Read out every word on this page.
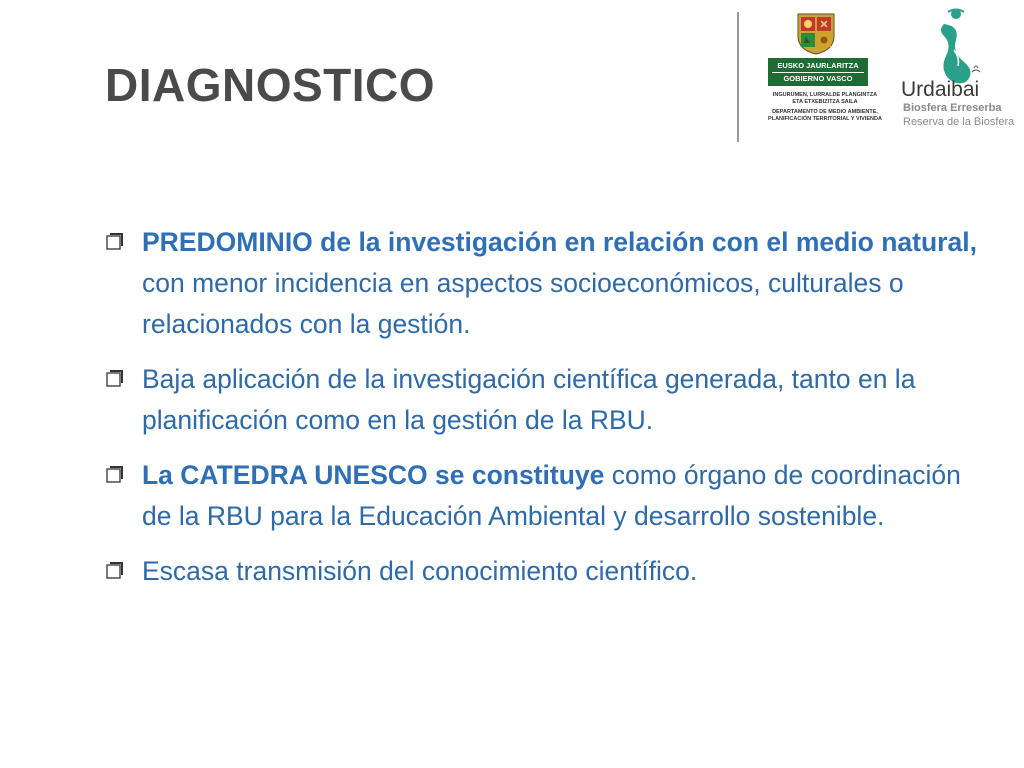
DIAGNOSTICO	EUSKO JAURLARITZA
GOBIERNO VASCO
INGURUMEN, LURRALDE PLANGINTZA
ETA ETXEBIZITZA SAILA
DEPARTAMENTO DE MEDIO AMBIENTE,
PLANIFICACIÓN TERRITORIAL Y VIVIENDA
Urdaibai
Biosfera Erreserba
Reserva de la Biosfera
PREDOMINIO de la investigación en relación con el medio natural, con menor incidencia en aspectos socioeconómicos, culturales o relacionados con la gestión.
Baja aplicación de la investigación científica generada, tanto en la planificación como en la gestión de la RBU.
La CATEDRA UNESCO se constituye como órgano de coordinación de la RBU para la Educación Ambiental y desarrollo sostenible.
Escasa transmisión del conocimiento científico.
